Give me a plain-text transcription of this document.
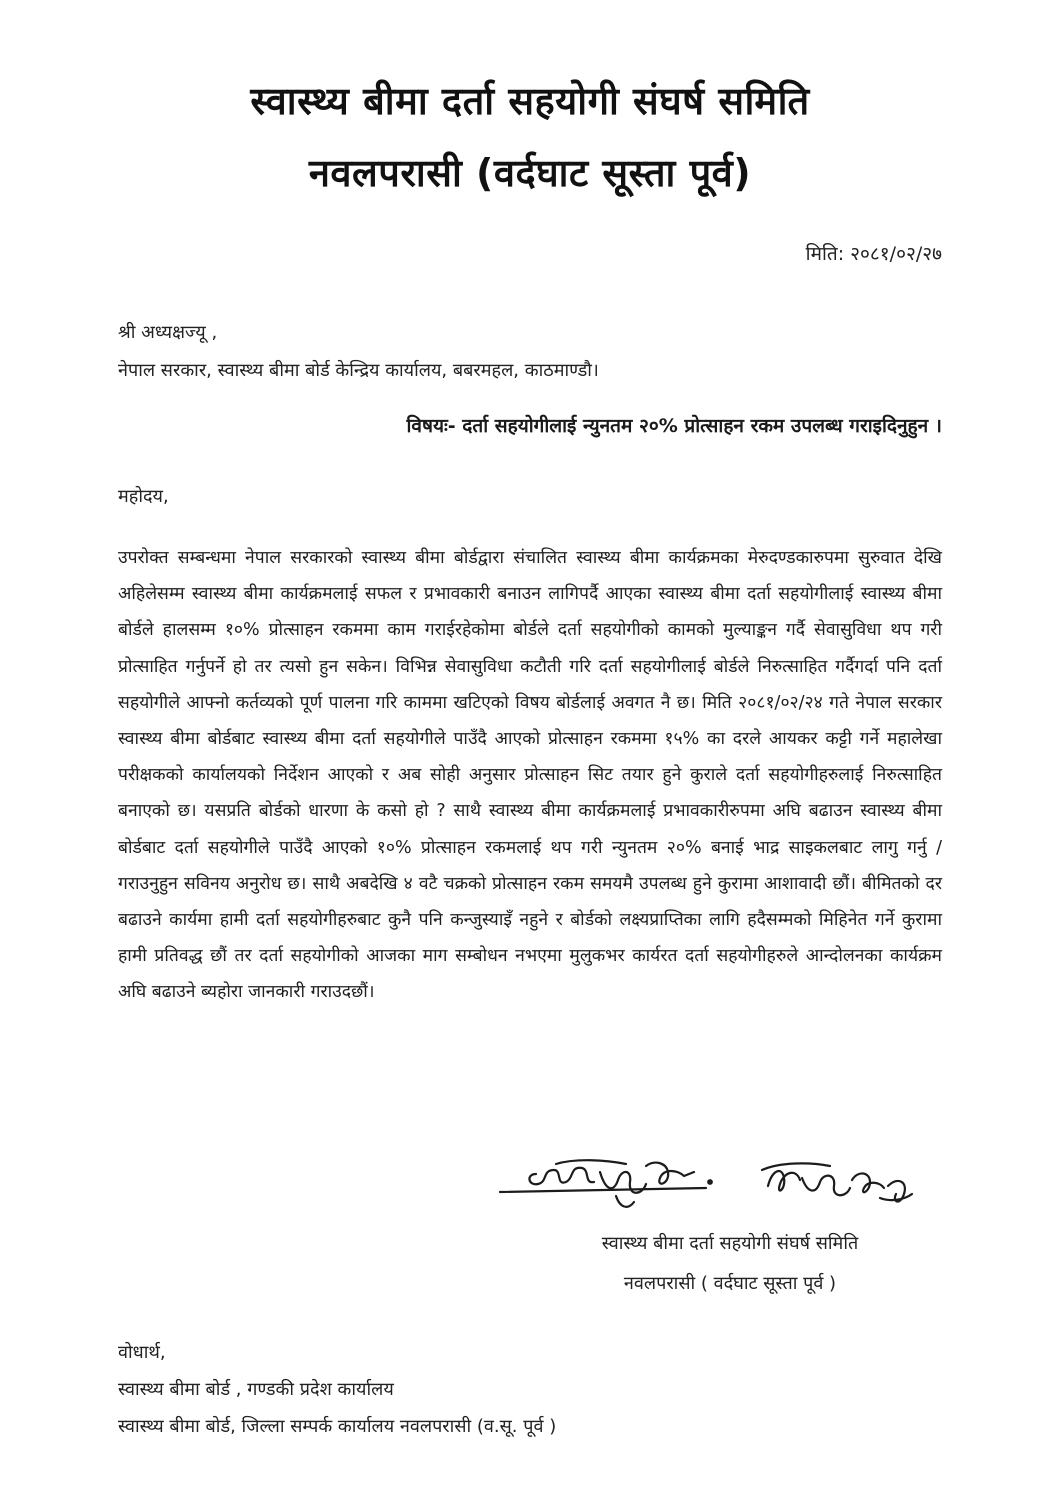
स्वास्थ्य बीमा दर्ता सहयोगी संघर्ष समिति
नवलपरासी (वर्दघाट सूस्ता पूर्व)
मिति: २०८१/०२/२७
श्री अध्यक्षज्यू ,
नेपाल सरकार, स्वास्थ्य बीमा बोर्ड केन्द्रिय कार्यालय, बबरमहल, काठमाण्डौ।
विषयः- दर्ता सहयोगीलाई न्युनतम २०% प्रोत्साहन रकम उपलब्ध गराइदिनुहुन ।
महोदय,
उपरोक्त सम्बन्धमा नेपाल सरकारको स्वास्थ्य बीमा बोर्डद्वारा संचालित स्वास्थ्य बीमा कार्यक्रमका मेरुदण्डकारुपमा सुरुवात देखि अहिलेसम्म स्वास्थ्य बीमा कार्यक्रमलाई सफल र प्रभावकारी बनाउन लागिपर्दै आएका स्वास्थ्य बीमा दर्ता सहयोगीलाई स्वास्थ्य बीमा बोर्डले हालसम्म १०% प्रोत्साहन रकममा काम गराईरहेकोमा बोर्डले दर्ता सहयोगीको कामको मुल्याङ्कन गर्दै सेवासुविधा थप गरी प्रोत्साहित गर्नुपर्ने हो तर त्यसो हुन सकेन। विभिन्न सेवासुविधा कटौती गरि दर्ता सहयोगीलाई बोर्डले निरुत्साहित गर्दैगर्दा पनि दर्ता सहयोगीले आफ्नो कर्तव्यको पूर्ण पालना गरि काममा खटिएको विषय बोर्डलाई अवगत नै छ। मिति २०८१/०२/२४ गते नेपाल सरकार स्वास्थ्य बीमा बोर्डबाट स्वास्थ्य बीमा दर्ता सहयोगीले पाउँदै आएको प्रोत्साहन रकममा १५% का दरले आयकर कट्टी गर्ने महालेखा परीक्षकको कार्यालयको निर्देशन आएको र अब सोही अनुसार प्रोत्साहन सिट तयार हुने कुराले दर्ता सहयोगीहरुलाई निरुत्साहित बनाएको छ। यसप्रति बोर्डको धारणा के कसो हो ? साथै स्वास्थ्य बीमा कार्यक्रमलाई प्रभावकारीरुपमा अघि बढाउन स्वास्थ्य बीमा बोर्डबाट दर्ता सहयोगीले पाउँदै आएको १०% प्रोत्साहन रकमलाई थप गरी न्युनतम २०% बनाई भाद्र साइकलबाट लागु गर्नु / गराउनुहुन सविनय अनुरोध छ। साथै अबदेखि ४ वटै चक्रको प्रोत्साहन रकम समयमै उपलब्ध हुने कुरामा आशावादी छौं। बीमितको दर बढाउने कार्यमा हामी दर्ता सहयोगीहरुबाट कुनै पनि कन्जुस्याइँ नहुने र बोर्डको लक्ष्यप्राप्तिका लागि हदैसम्मको मिहिनेत गर्ने कुरामा हामी प्रतिवद्ध छौं तर दर्ता सहयोगीको आजका माग सम्बोधन नभएमा मुलुकभर कार्यरत दर्ता सहयोगीहरुले आन्दोलनका कार्यक्रम अघि बढाउने ब्यहोरा जानकारी गराउदछौं।
स्वास्थ्य बीमा दर्ता सहयोगी संघर्ष समिति
नवलपरासी ( वर्दघाट सूस्ता पूर्व )
वोधार्थ,
स्वास्थ्य बीमा बोर्ड , गण्डकी प्रदेश कार्यालय
स्वास्थ्य बीमा बोर्ड, जिल्ला सम्पर्क कार्यालय नवलपरासी (व.सू. पूर्व )
